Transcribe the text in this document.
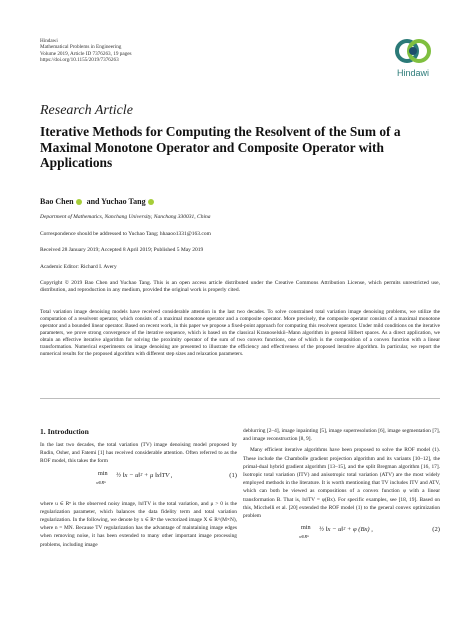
Hindawi
Mathematical Problems in Engineering
Volume 2019, Article ID 7376263, 19 pages
https://doi.org/10.1155/2019/7376263
Hindawi
Research Article
Iterative Methods for Computing the Resolvent of the Sum of a Maximal Monotone Operator and Composite Operator with Applications
Bao Chen and Yuchao Tang
Department of Mathematics, Nanchang University, Nanchang 330031, China
Correspondence should be addressed to Yuchao Tang; hhaaoo1331@163.com
Received 28 January 2019; Accepted 8 April 2019; Published 5 May 2019
Academic Editor: Richard I. Avery
Copyright © 2019 Bao Chen and Yuchao Tang. This is an open access article distributed under the Creative Commons Attribution License, which permits unrestricted use, distribution, and reproduction in any medium, provided the original work is properly cited.
Total variation image denoising models have received considerable attention in the last two decades. To solve constrained total variation image denoising problems, we utilize the computation of a resolvent operator, which consists of a maximal monotone operator and a composite operator. More precisely, the composite operator consists of a maximal monotone operator and a bounded linear operator. Based on recent work, in this paper we propose a fixed-point approach for computing this resolvent operator. Under mild conditions on the iterative parameters, we prove strong convergence of the iterative sequence, which is based on the classical Krasnoselskii–Mann algorithm in general Hilbert spaces. As a direct application, we obtain an effective iterative algorithm for solving the proximity operator of the sum of two convex functions, one of which is the composition of a convex function with a linear transformation. Numerical experiments on image denoising are presented to illustrate the efficiency and effectiveness of the proposed iterative algorithm. In particular, we report the numerical results for the proposed algorithm with different step sizes and relaxation parameters.
1. Introduction
In the last two decades, the total variation (TV) image denoising model proposed by Rudin, Osher, and Fatemi [1] has received considerable attention. Often referred to as the ROF model, this takes the form
min
x∈Rⁿ
½ ‖x − u‖² + μ ‖x‖TV ,	(1)
where u ∈ Rⁿ is the observed noisy image, ‖x‖TV is the total variation, and μ > 0 is the regularization parameter, which balances the data fidelity term and total variation regularization. In the following, we denote by x ∈ Rⁿ the vectorized image X ∈ R^(M×N), where n = MN. Because TV regularization has the advantage of maintaining image edges when removing noise, it has been extended to many other important image processing problems, including image
deblurring [2–4], image inpainting [5], image superresolution [6], image segmentation [7], and image reconstruction [8, 9].
Many efficient iterative algorithms have been proposed to solve the ROF model (1). These include the Chambolle gradient projection algorithm and its variants [10–12], the primal-dual hybrid gradient algorithm [13–15], and the split Bregman algorithm [16, 17]. Isotropic total variation (ITV) and anisotropic total variation (ATV) are the most widely employed methods in the literature. It is worth mentioning that TV includes ITV and ATV, which can both be viewed as compositions of a convex function φ with a linear transformation B. That is, ‖x‖TV = φ(Bx). For specific examples, see [18, 19]. Based on this, Micchelli et al. [20] extended the ROF model (1) to the general convex optimization problem
min
x∈Rⁿ
½ ‖x − u‖² + φ (Bx) ,	(2)
